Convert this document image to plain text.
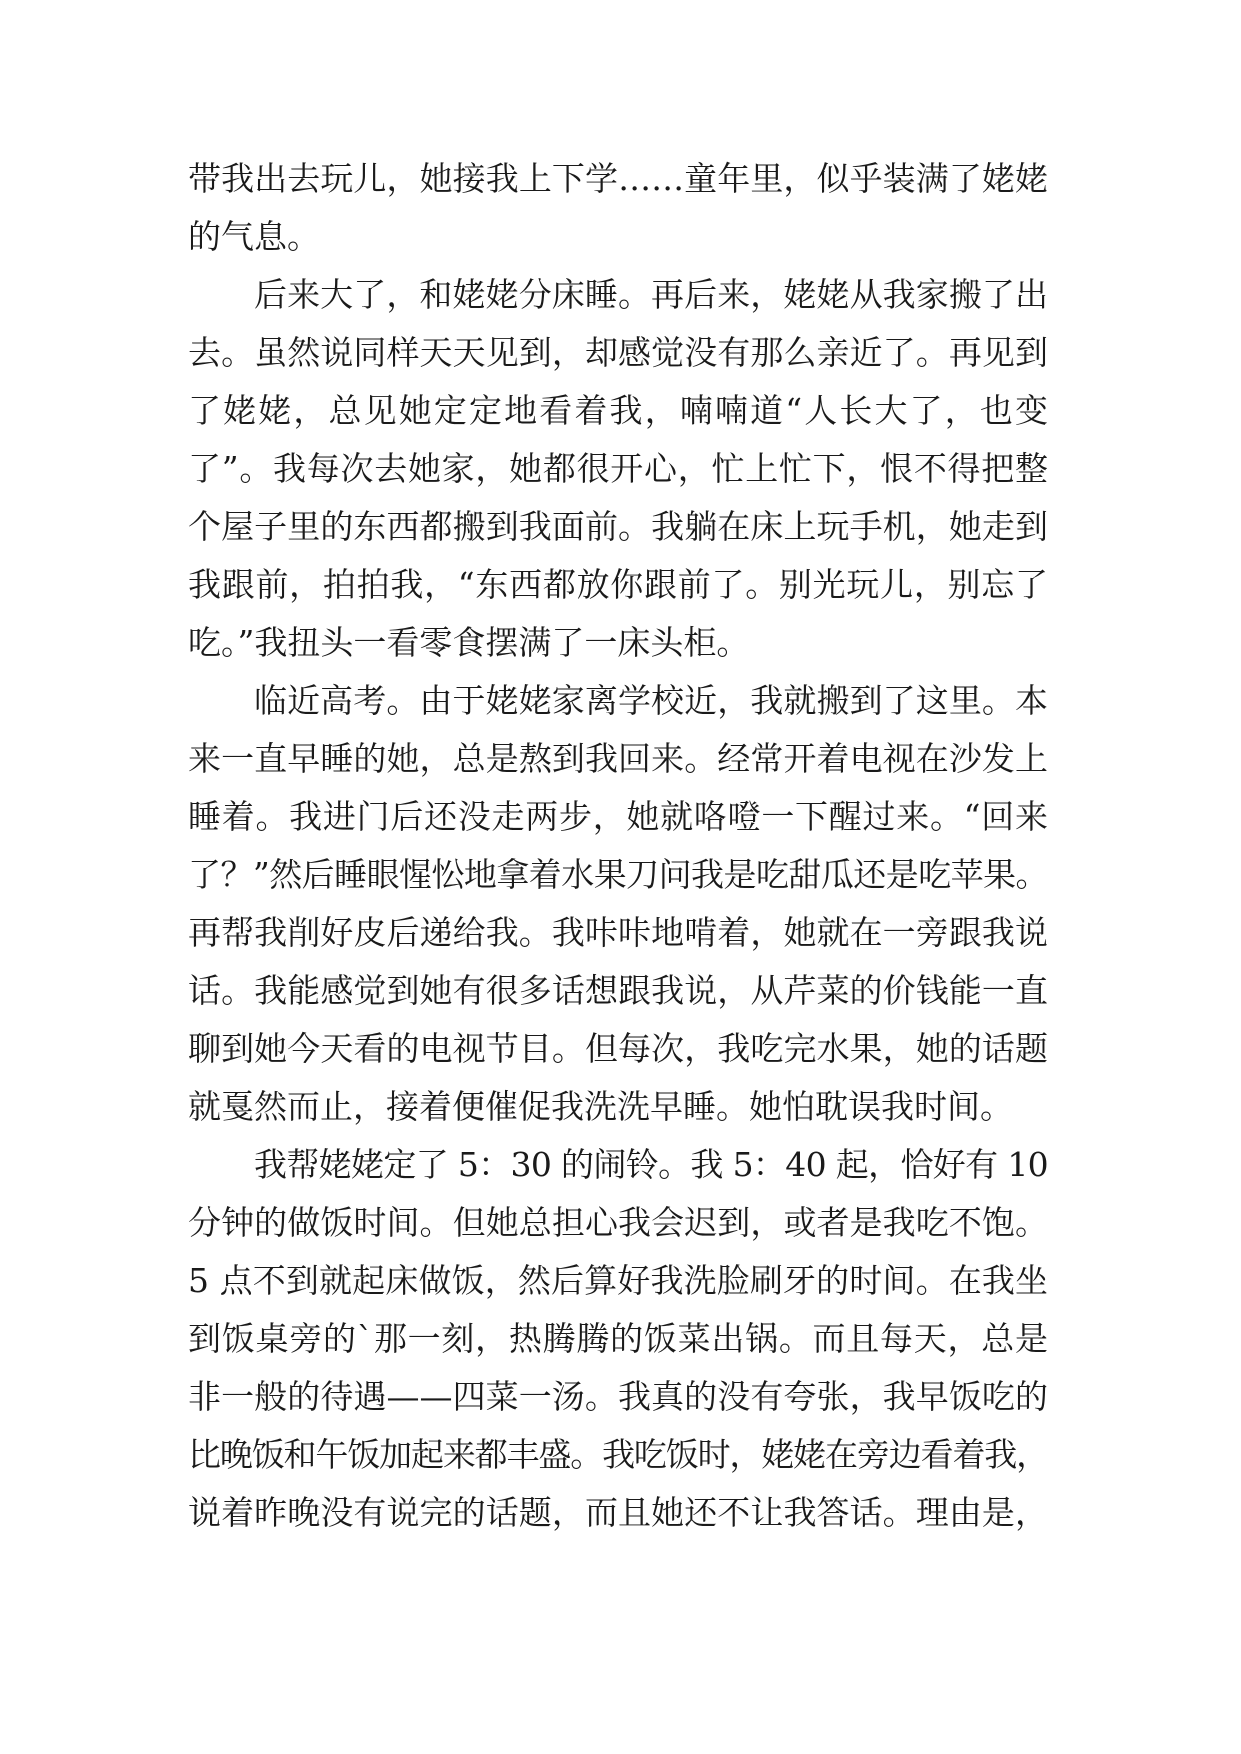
带我出去玩儿，她接我上下学……童年里，似乎装满了姥姥
的气息。
后来大了，和姥姥分床睡。再后来，姥姥从我家搬了出
去。虽然说同样天天见到，却感觉没有那么亲近了。再见到
了姥姥，总见她定定地看着我，喃喃道“人长大了，也变
了”。我每次去她家，她都很开心，忙上忙下，恨不得把整
个屋子里的东西都搬到我面前。我躺在床上玩手机，她走到
我跟前，拍拍我，“东西都放你跟前了。别光玩儿，别忘了
吃。”我扭头一看零食摆满了一床头柜。
临近高考。由于姥姥家离学校近，我就搬到了这里。本
来一直早睡的她，总是熬到我回来。经常开着电视在沙发上
睡着。我进门后还没走两步，她就咯噔一下醒过来。“回来
了？”然后睡眼惺忪地拿着水果刀问我是吃甜瓜还是吃苹果。
再帮我削好皮后递给我。我咔咔地啃着，她就在一旁跟我说
话。我能感觉到她有很多话想跟我说，从芹菜的价钱能一直
聊到她今天看的电视节目。但每次，我吃完水果，她的话题
就戛然而止，接着便催促我洗洗早睡。她怕耽误我时间。
我帮姥姥定了 5：30 的闹铃。我 5：40 起，恰好有 10
分钟的做饭时间。但她总担心我会迟到，或者是我吃不饱。
5 点不到就起床做饭，然后算好我洗脸刷牙的时间。在我坐
到饭桌旁的`那一刻，热腾腾的饭菜出锅。而且每天，总是
非一般的待遇——四菜一汤。我真的没有夸张，我早饭吃的
比晚饭和午饭加起来都丰盛。我吃饭时，姥姥在旁边看着我，
说着昨晚没有说完的话题，而且她还不让我答话。理由是，
